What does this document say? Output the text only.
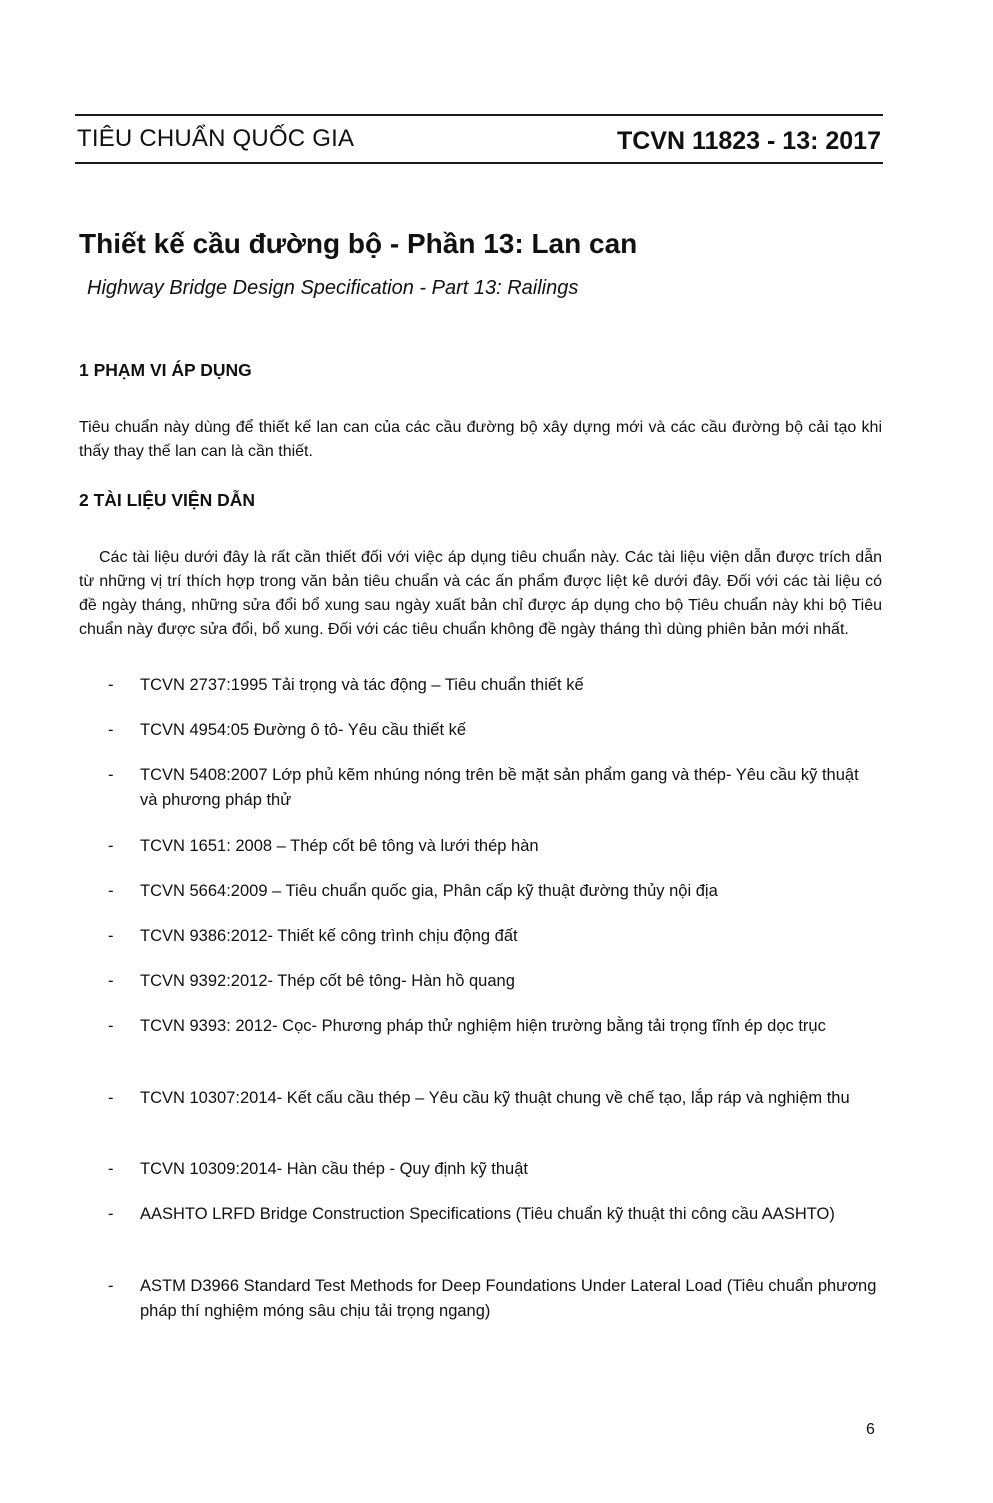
TIÊU CHUẨN QUỐC GIA	TCVN 11823 - 13: 2017
Thiết kế cầu đường bộ - Phần 13: Lan can

Highway Bridge Design Specification - Part 13: Railings

1 PHẠM VI ÁP DỤNG

Tiêu chuẩn này dùng để thiết kế lan can của các cầu đường bộ xây dựng mới và các cầu đường bộ cải tạo khi thấy thay thế lan can là cần thiết.

2 TÀI LIỆU VIỆN DẪN

Các tài liệu dưới đây là rất cần thiết đối với việc áp dụng tiêu chuẩn này. Các tài liệu viện dẫn được trích dẫn từ những vị trí thích hợp trong văn bản tiêu chuẩn và các ấn phẩm được liệt kê dưới đây. Đối với các tài liệu có đề ngày tháng, những sửa đổi bổ xung sau ngày xuất bản chỉ được áp dụng cho bộ Tiêu chuẩn này khi bộ Tiêu chuẩn này được sửa đổi, bổ xung. Đối với các tiêu chuẩn không đề ngày tháng thì dùng phiên bản mới nhất.

-	TCVN 2737:1995 Tải trọng và tác động – Tiêu chuẩn thiết kế
-	TCVN 4954:05 Đường ô tô- Yêu cầu thiết kế
-	TCVN 5408:2007 Lớp phủ kẽm nhúng nóng trên bề mặt sản phẩm gang và thép- Yêu cầu kỹ thuật và phương pháp thử
-	TCVN 1651: 2008 – Thép cốt bê tông và lưới thép hàn
-	TCVN 5664:2009 – Tiêu chuẩn quốc gia, Phân cấp kỹ thuật đường thủy nội địa
-	TCVN 9386:2012- Thiết kế công trình chịu động đất
-	TCVN 9392:2012- Thép cốt bê tông- Hàn hồ quang
-	TCVN 9393: 2012- Cọc- Phương pháp thử nghiệm hiện trường bằng tải trọng tĩnh ép dọc trục
-	TCVN 10307:2014- Kết cấu cầu thép – Yêu cầu kỹ thuật chung về chế tạo, lắp ráp và nghiệm thu
-	TCVN 10309:2014- Hàn cầu thép - Quy định kỹ thuật
-	AASHTO LRFD Bridge Construction Specifications (Tiêu chuẩn kỹ thuật thi công cầu AASHTO)
-	ASTM D3966 Standard Test Methods for Deep Foundations Under Lateral Load (Tiêu chuẩn phương pháp thí nghiệm móng sâu chịu tải trọng ngang)
6
